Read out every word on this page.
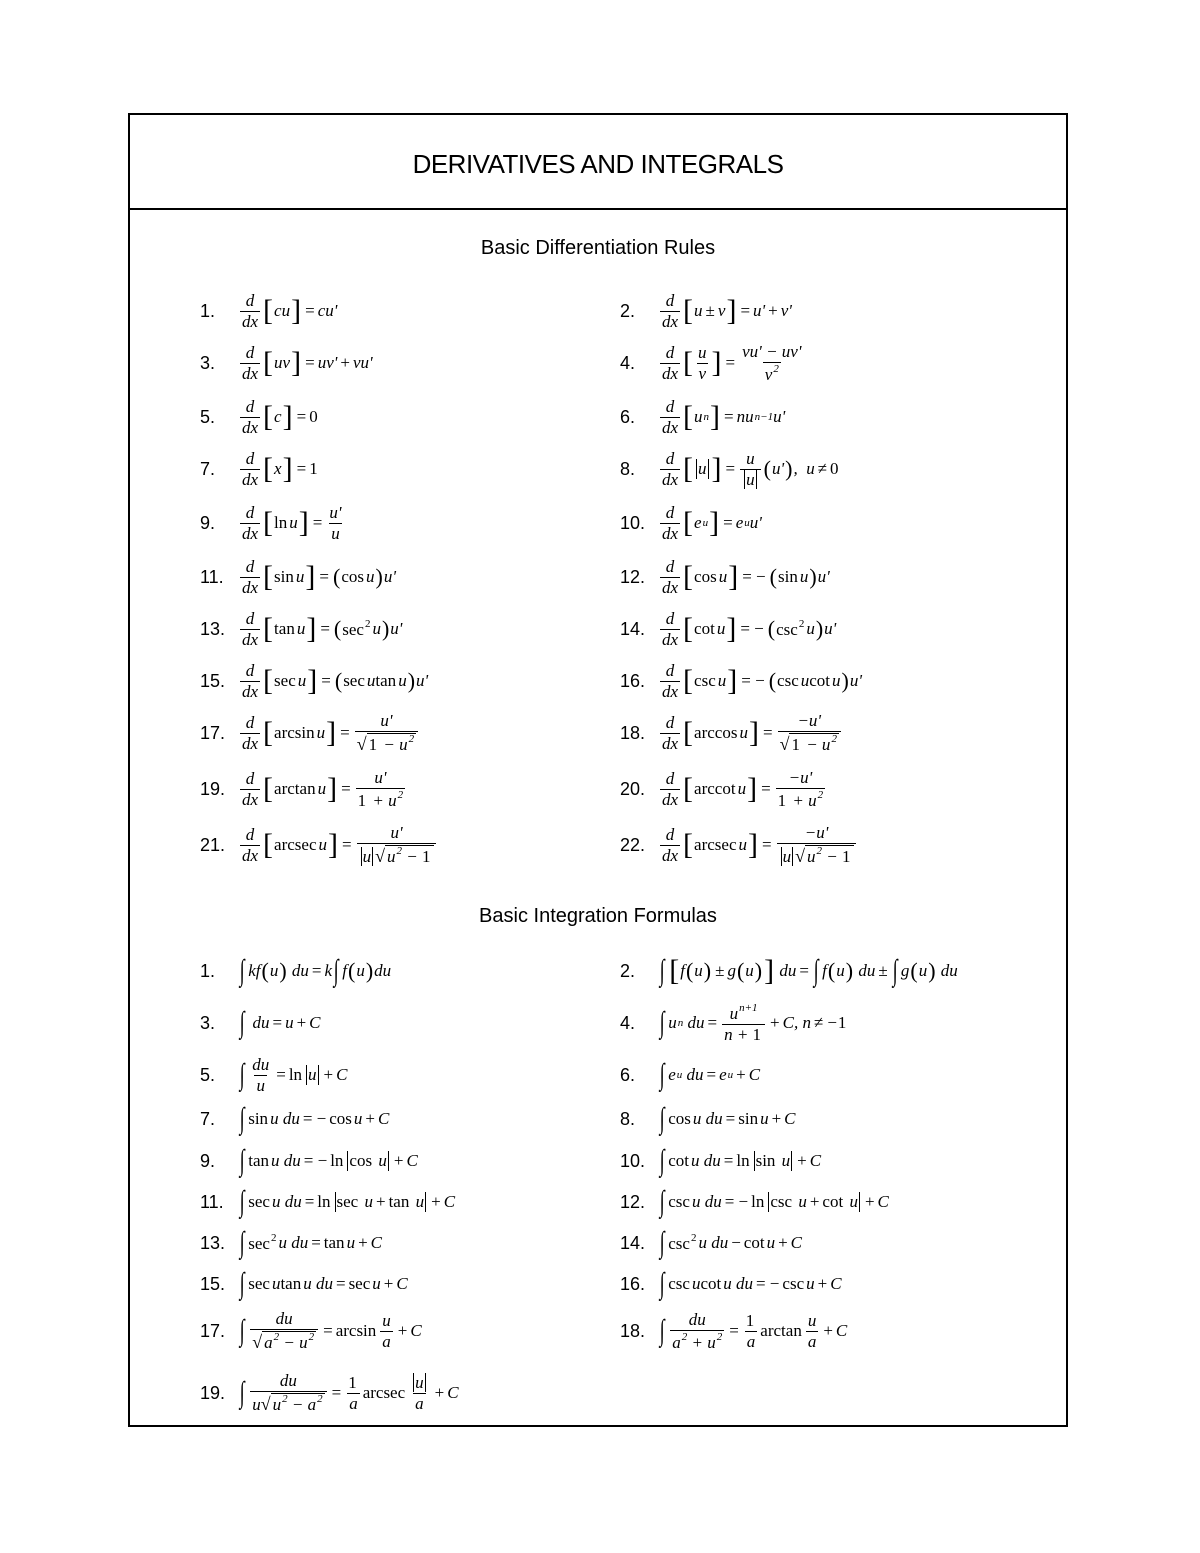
DERIVATIVES AND INTEGRALS
Basic Differentiation Rules
1.	$\frac{d}{dx}$ [ cu ] = cu'	2.	$\frac{d}{dx}$ [ u ± v ] = u' + v'
3.	$\frac{d}{dx}$ [ uv ] = uv' + vu'	4.	$\frac{d}{dx}$ [ $\frac{u}{v}$ ] = $\frac{vu' - uv'}{v^2}$
5.	$\frac{d}{dx}$ [ c ] = 0	6.	$\frac{d}{dx}$ [ u n ] = nu n−1 u'
7.	$\frac{d}{dx}$ [ x ] = 1	8.	$\frac{d}{dx}$ [ u ] = $\frac{u}{u}$ ( u' ) ,  u ≠ 0
9.	$\frac{d}{dx}$ [ ln u ] = $\frac{u'}{u}$	10. $\frac{d}{dx}$ [ e u ] = e u u'
11. $\frac{d}{dx}$ [ sin u ] = ( cos u ) u'	12. $\frac{d}{dx}$ [ cos u ] = − ( sin u ) u'
13. $\frac{d}{dx}$ [ tan u ] = ( $\sec^2 u$ ) u'	14. $\frac{d}{dx}$ [ cot u ] = − ( $\csc^2 u$ ) u'
15. $\frac{d}{dx}$ [ sec u ] = ( sec u tan u ) u'	16. $\frac{d}{dx}$ [ csc u ] = − ( csc u cot u ) u'
17. $\frac{d}{dx}$ [ arcsin u ] = $\frac{u'}{√ 1 - u^2}$	18. $\frac{d}{dx}$ [ arccos u ] = $\frac{-u'}{√ 1 - u^2}$
19. $\frac{d}{dx}$ [ arctan u ] = $\frac{u'}{1 + u^2}$	20. $\frac{d}{dx}$ [ arccot u ] = $\frac{-u'}{1 + u^2}$
21. $\frac{d}{dx}$ [ arcsec u ] = $\frac{u'}{u √ u^2 - 1}$	22. $\frac{d}{dx}$ [ arcsec u ] = $\frac{-u'}{u √ u^2 - 1}$
Basic Integration Formulas
1. ∫ kf ( u ) du = k ∫ f ( u ) du	2. ∫ [ f ( u ) ± g ( u ) ] du = ∫ f ( u ) du ± ∫ g ( u ) du
3. ∫ du = u + C	4. ∫ u n du = $\frac{u^{n+1}}{n + 1} + C$, n ≠ − 1
5. ∫ $\frac{du}{u} = \ln u + C$	6. ∫ e u du = e u + C
7. ∫ sin u du = − cos u + C	8. ∫ cos u du = sin u + C
9. ∫ tan u du = − ln cos u + C	10. ∫ cot u du = ln sin u + C
11. ∫ sec u du = ln sec u + tan u + C	12. ∫ csc u du = − ln csc u + cot u + C
13. ∫ $\sec^2 u$ du = tan u + C	14. ∫ $\csc^2 u$ du − cot u + C
15. ∫ sec u tan u du = sec u + C	16. ∫ csc u cot u du = − csc u + C
17. ∫ $\frac{du}{√ a^2 - u^2} = \arcsin \frac{u}{a} + C$	18. ∫ $\frac{du}{a^2 + u^2} = \frac{1}{a}$ $\arctan \frac{u}{a} + C$
19. ∫ $\frac{du}{u √ u^2 - a^2} = \frac{1}{a}$ arcsec $\frac{u}{a} + C$
